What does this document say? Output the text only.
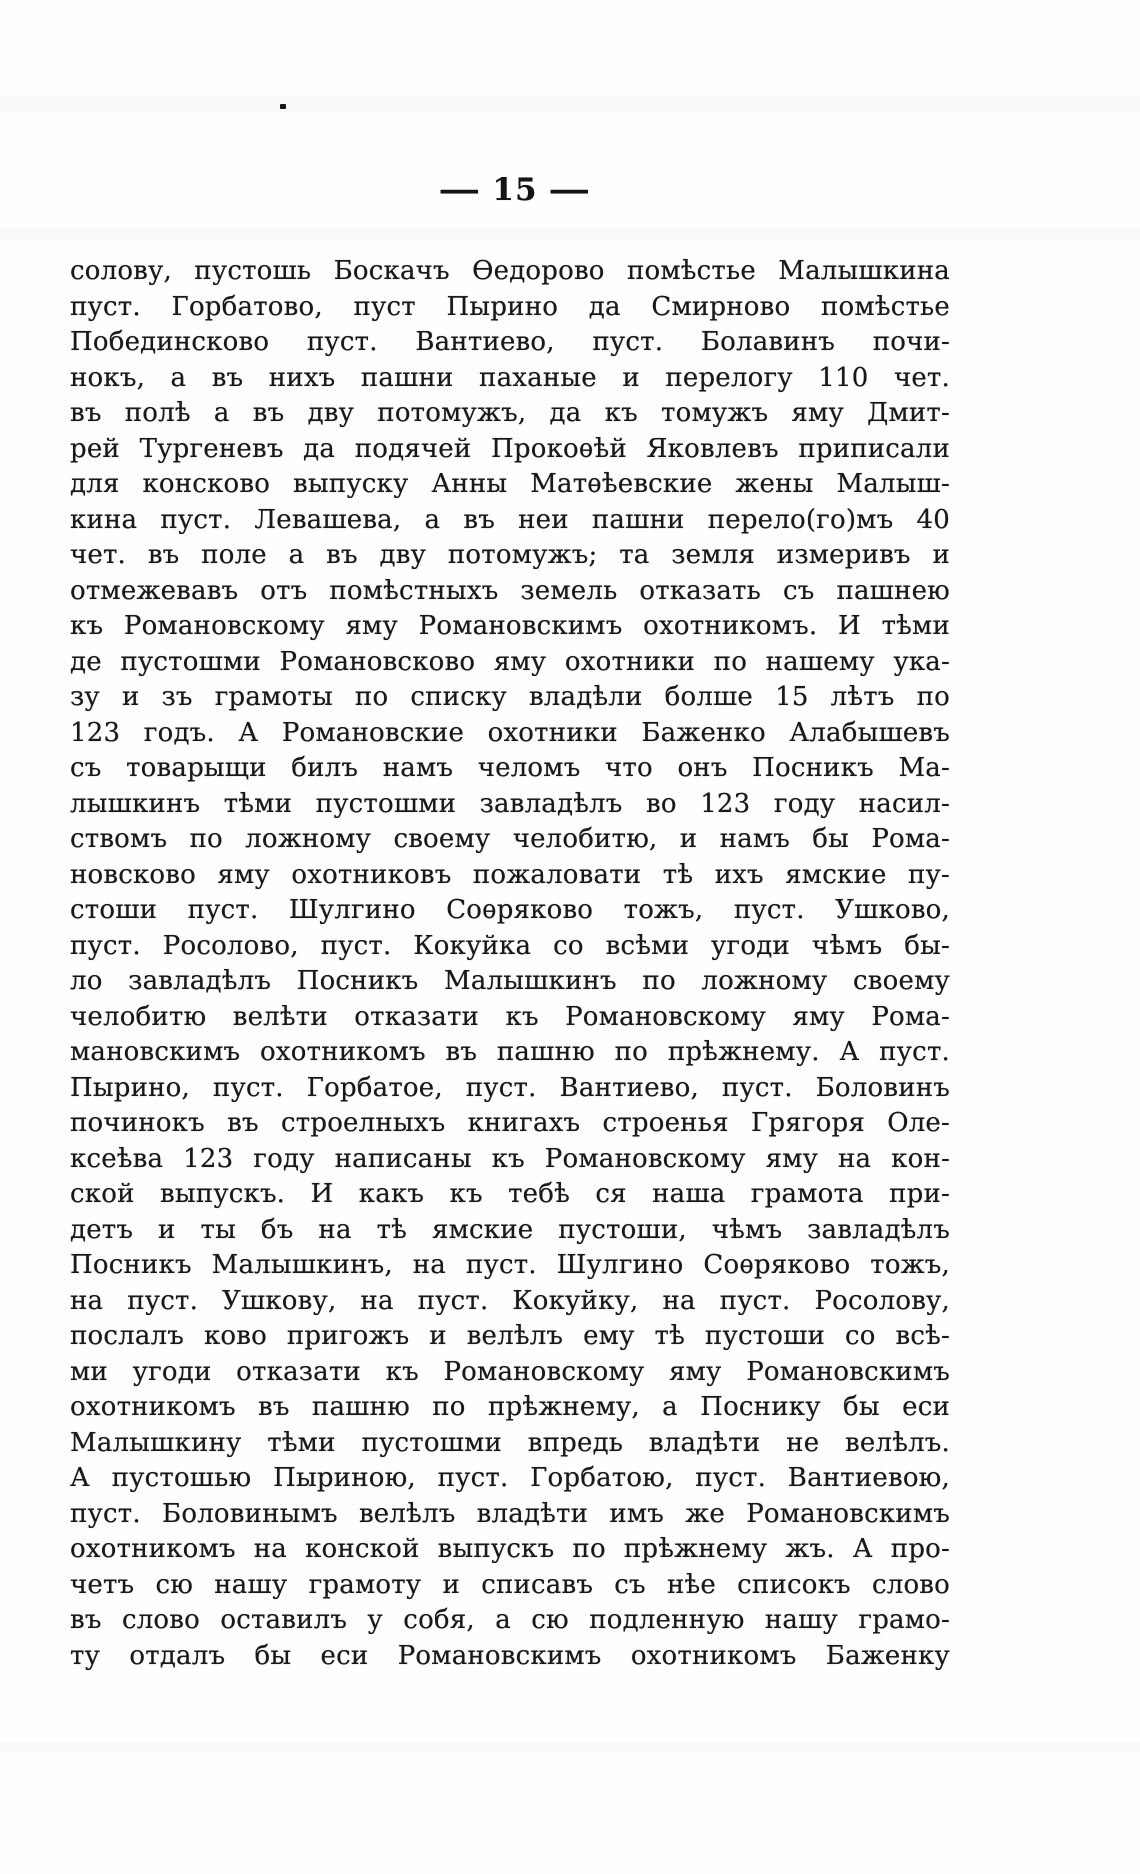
— 15 —
солову, пустошь Боскачъ Ѳедорово помѣстье Малышкина
пуст. Горбатово, пуст Пырино да Смирново помѣстье
Побединсково пуст. Вантиево, пуст. Болавинъ почи-
нокъ, а въ нихъ пашни паханые и перелогу 110 чет.
въ полѣ а въ дву потомужъ, да къ томужъ яму Дмит-
рей Тургеневъ да подячей Прокоѳѣй Яковлевъ приписали
для консково выпуску Анны Матѳѣевские жены Малыш-
кина пуст. Левашева, а въ неи пашни перело(го)мъ 40
чет. въ поле а въ дву потомужъ; та земля измеривъ и
отмежевавъ отъ помѣстныхъ земель отказать съ пашнею
къ Романовскому яму Романовскимъ охотникомъ. И тѣми
де пустошми Романовсково яму охотники по нашему ука-
зу и зъ грамоты по списку владѣли болше 15 лѣтъ по
123 годъ. А Романовские охотники Баженко Алабышевъ
съ товарыщи билъ намъ челомъ что онъ Посникъ Ма-
лышкинъ тѣми пустошми завладѣлъ во 123 году насил-
ствомъ по ложному своему челобитю, и намъ бы Рома-
новсково яму охотниковъ пожаловати тѣ ихъ ямские пу-
стоши пуст. Шулгино Соѳряково тожъ, пуст. Ушково,
пуст. Росолово, пуст. Кокуйка со всѣми угоди чѣмъ бы-
ло завладѣлъ Посникъ Малышкинъ по ложному своему
челобитю велѣти отказати къ Романовскому яму Рома-
мановскимъ охотникомъ въ пашню по прѣжнему. А пуст.
Пырино, пуст. Горбатое, пуст. Вантиево, пуст. Боловинъ
починокъ въ строелныхъ книгахъ строенья Грягоря Оле-
ксеѣва 123 году написаны къ Романовскому яму на кон-
ской выпускъ. И какъ къ тебѣ ся наша грамота при-
детъ и ты бъ на тѣ ямские пустоши, чѣмъ завладѣлъ
Посникъ Малышкинъ, на пуст. Шулгино Соѳряково тожъ,
на пуст. Ушкову, на пуст. Кокуйку, на пуст. Росолову,
послалъ ково пригожъ и велѣлъ ему тѣ пустоши со всѣ-
ми угоди отказати къ Романовскому яму Романовскимъ
охотникомъ въ пашню по прѣжнему, а Поснику бы еси
Малышкину тѣми пустошми впредь владѣти не велѣлъ.
А пустошью Пыриною, пуст. Горбатою, пуст. Вантиевою,
пуст. Боловинымъ велѣлъ владѣти имъ же Романовскимъ
охотникомъ на конской выпускъ по прѣжнему жъ. А про-
четъ сю нашу грамоту и списавъ съ нѣе списокъ слово
въ слово оставилъ у собя, а сю подленную нашу грамо-
ту отдалъ бы еси Романовскимъ охотникомъ Баженку
